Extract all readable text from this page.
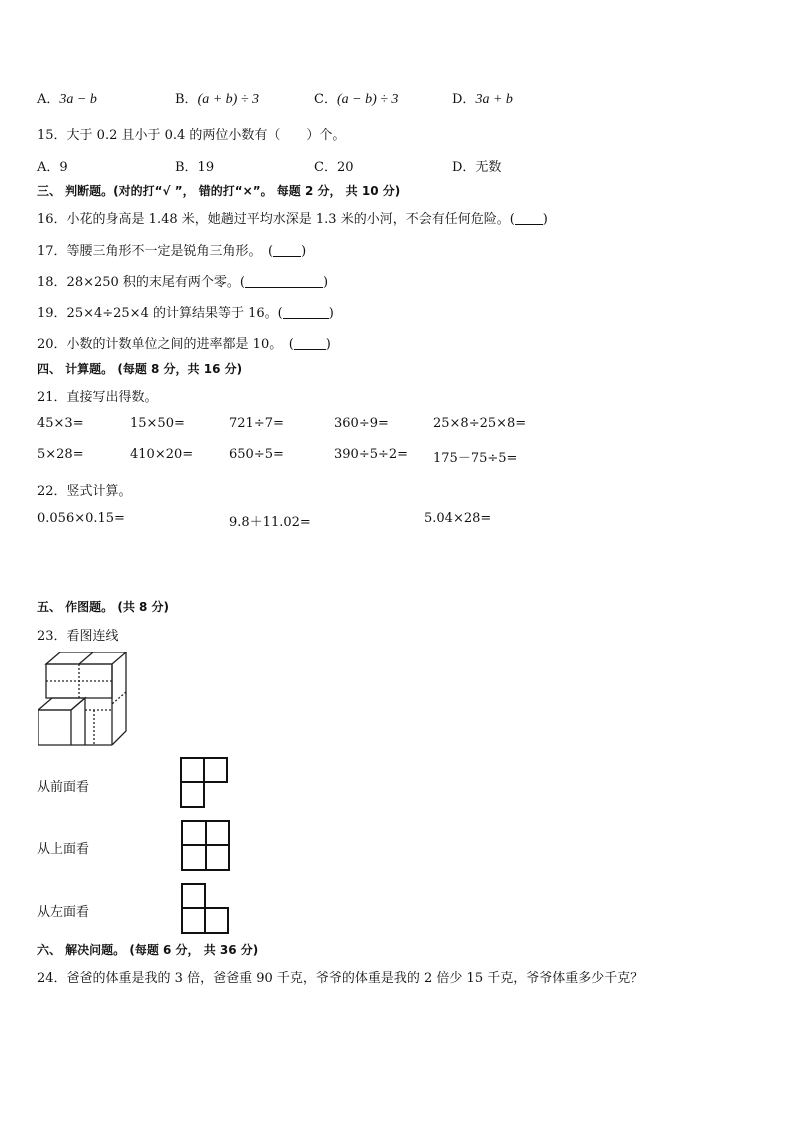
A．3a − b	B．(a + b) ÷ 3	C．(a − b) ÷ 3	D．3a + b
15．大于 0.2 且小于 0.4 的两位小数有（　　）个。
A．9	B．19	C．20	D．无数
三、 判断题。(对的打“√ ”， 错的打“×”。 每题 2 分， 共 10 分)
16．小花的身高是 1.48 米，她趟过平均水深是 1.3 米的小河，不会有任何危险。( )
17．等腰三角形不一定是锐角三角形。　( )
18．28×250 积的末尾有两个零。(	)
19．25×4÷25×4 的计算结果等于 16。(	)
20．小数的计数单位之间的进率都是 10。　( )
四、 计算题。 (每题 8 分，共 16 分)
21．直接写出得数。
45×3=	15×50=	721÷7=	360÷9=	25×8÷25×8=
5×28=	410×20=	650÷5=	390÷5÷2= 175－75÷5=
22．竖式计算。
0.056×0.15=	9.8＋11.02=	5.04×28=
五、 作图题。 (共 8 分)
23．看图连线
从前面看
从上面看
从左面看
六、 解决问题。 (每题 6 分， 共 36 分)
24．爸爸的体重是我的 3 倍，爸爸重 90 千克，爷爷的体重是我的 2 倍少 15 千克，爷爷体重多少千克？
